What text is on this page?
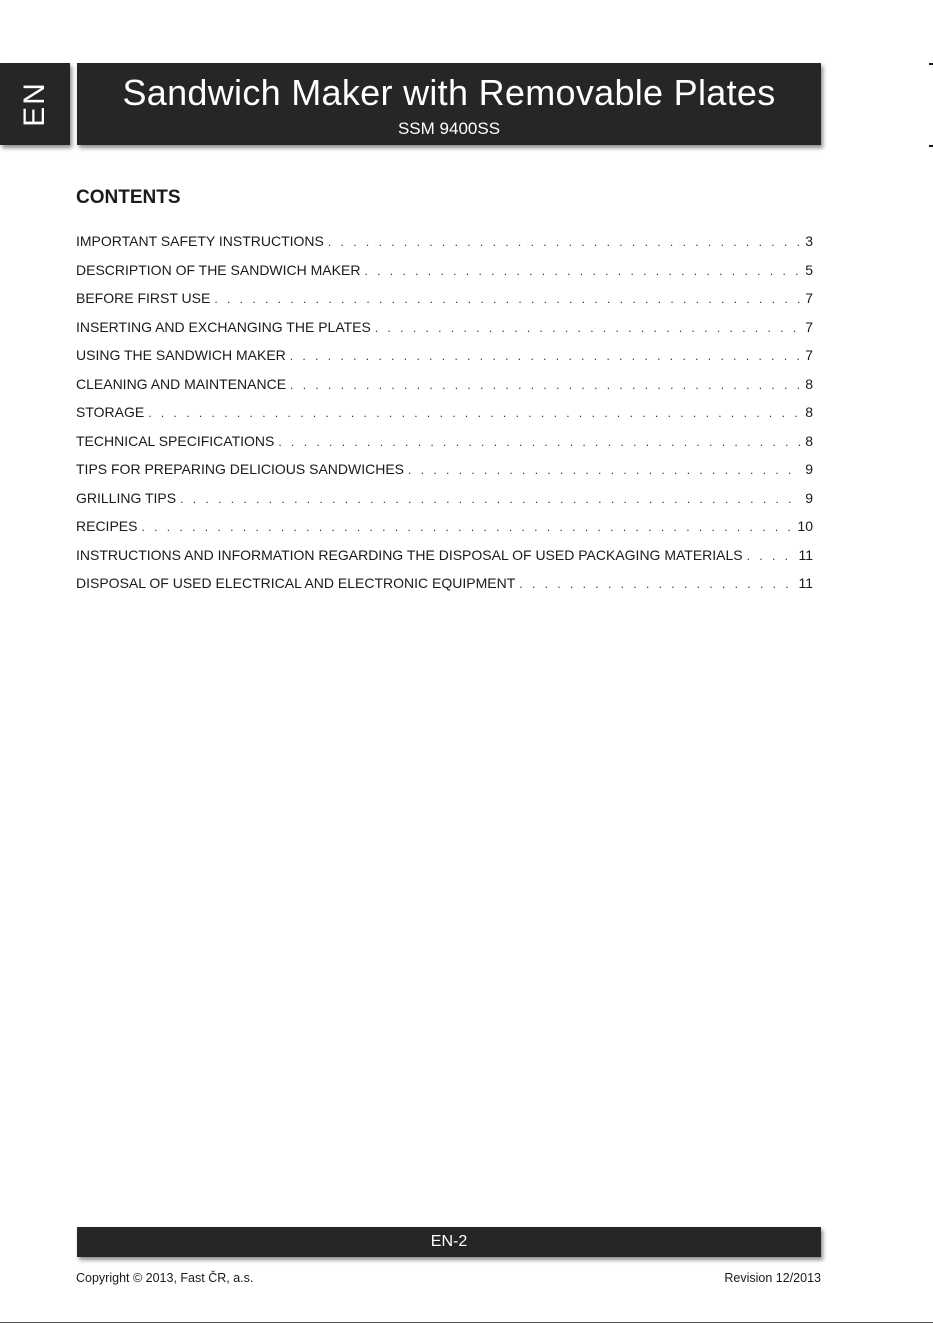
EN	Sandwich Maker with Removable Plates
SSM 9400SS
CONTENTS
IMPORTANT SAFETY INSTRUCTIONS . . .	3
DESCRIPTION OF THE SANDWICH MAKER . . .	5
BEFORE FIRST USE . . .	7
INSERTING AND EXCHANGING THE PLATES . . .	7
USING THE SANDWICH MAKER . . .	7
CLEANING AND MAINTENANCE . . .	8
STORAGE . . .	8
TECHNICAL SPECIFICATIONS . . .	8
TIPS FOR PREPARING DELICIOUS SANDWICHES . . .	9
GRILLING TIPS . . .	9
RECIPES . . .	10
INSTRUCTIONS AND INFORMATION REGARDING THE DISPOSAL OF USED PACKAGING MATERIALS . . .	11
DISPOSAL OF USED ELECTRICAL AND ELECTRONIC EQUIPMENT . . .	11
EN-2
Copyright © 2013, Fast ČR, a.s.	Revision 12/2013
